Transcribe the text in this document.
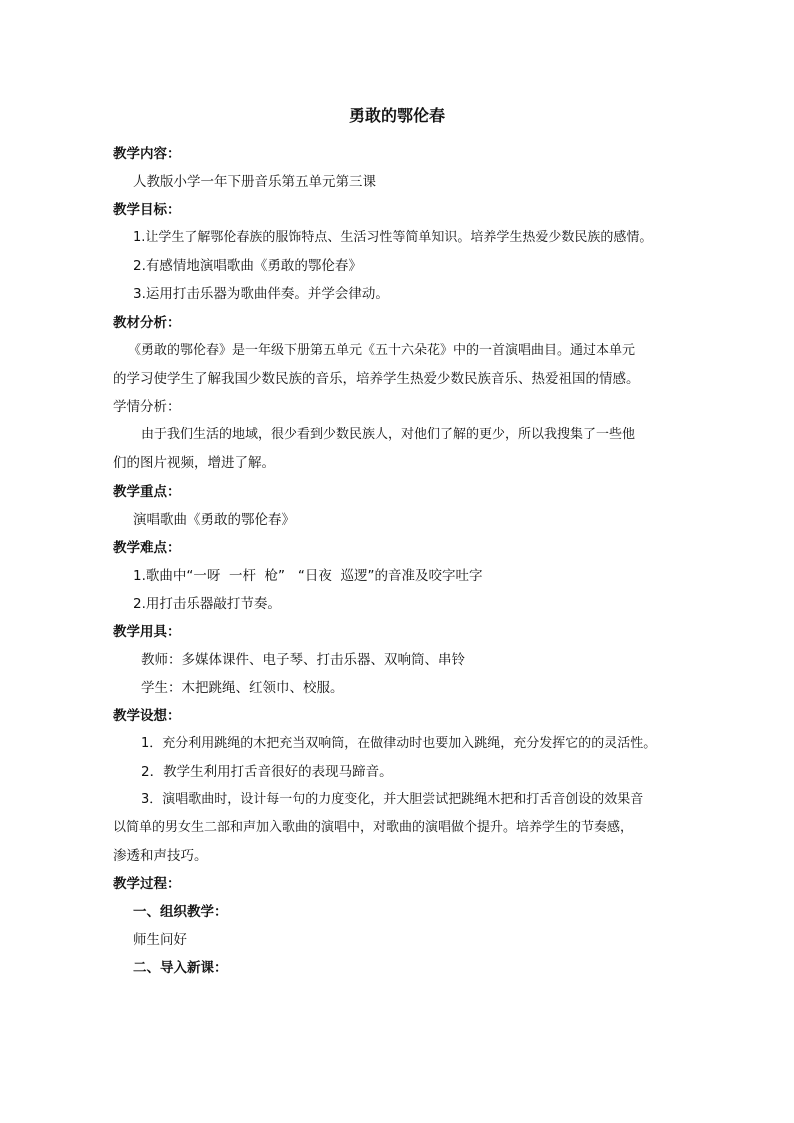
勇敢的鄂伦春
教学内容：
人教版小学一年下册音乐第五单元第三课
教学目标：
1.让学生了解鄂伦春族的服饰特点、生活习性等简单知识。培养学生热爱少数民族的感情。
2.有感情地演唱歌曲《勇敢的鄂伦春》
3.运用打击乐器为歌曲伴奏。并学会律动。
教材分析：
《勇敢的鄂伦春》是一年级下册第五单元《五十六朵花》中的一首演唱曲目。通过本单元
的学习使学生了解我国少数民族的音乐，培养学生热爱少数民族音乐、热爱祖国的情感。
学情分析：
由于我们生活的地域，很少看到少数民族人，对他们了解的更少，所以我搜集了一些他
们的图片视频，增进了解。
教学重点：
演唱歌曲《勇敢的鄂伦春》
教学难点：
1.歌曲中“一呀  一杆  枪”   “日夜  巡逻”的音准及咬字吐字
2.用打击乐器敲打节奏。
教学用具：
教师：多媒体课件、电子琴、打击乐器、双响筒、串铃
学生：木把跳绳、红领巾、校服。
教学设想：
1．充分利用跳绳的木把充当双响筒，在做律动时也要加入跳绳，充分发挥它的的灵活性。
2．教学生利用打舌音很好的表现马蹄音。
3．演唱歌曲时，设计每一句的力度变化，并大胆尝试把跳绳木把和打舌音创设的效果音
以简单的男女生二部和声加入歌曲的演唱中，对歌曲的演唱做个提升。培养学生的节奏感，
渗透和声技巧。
教学过程：
一、组织教学：
师生问好
二、导入新课：
